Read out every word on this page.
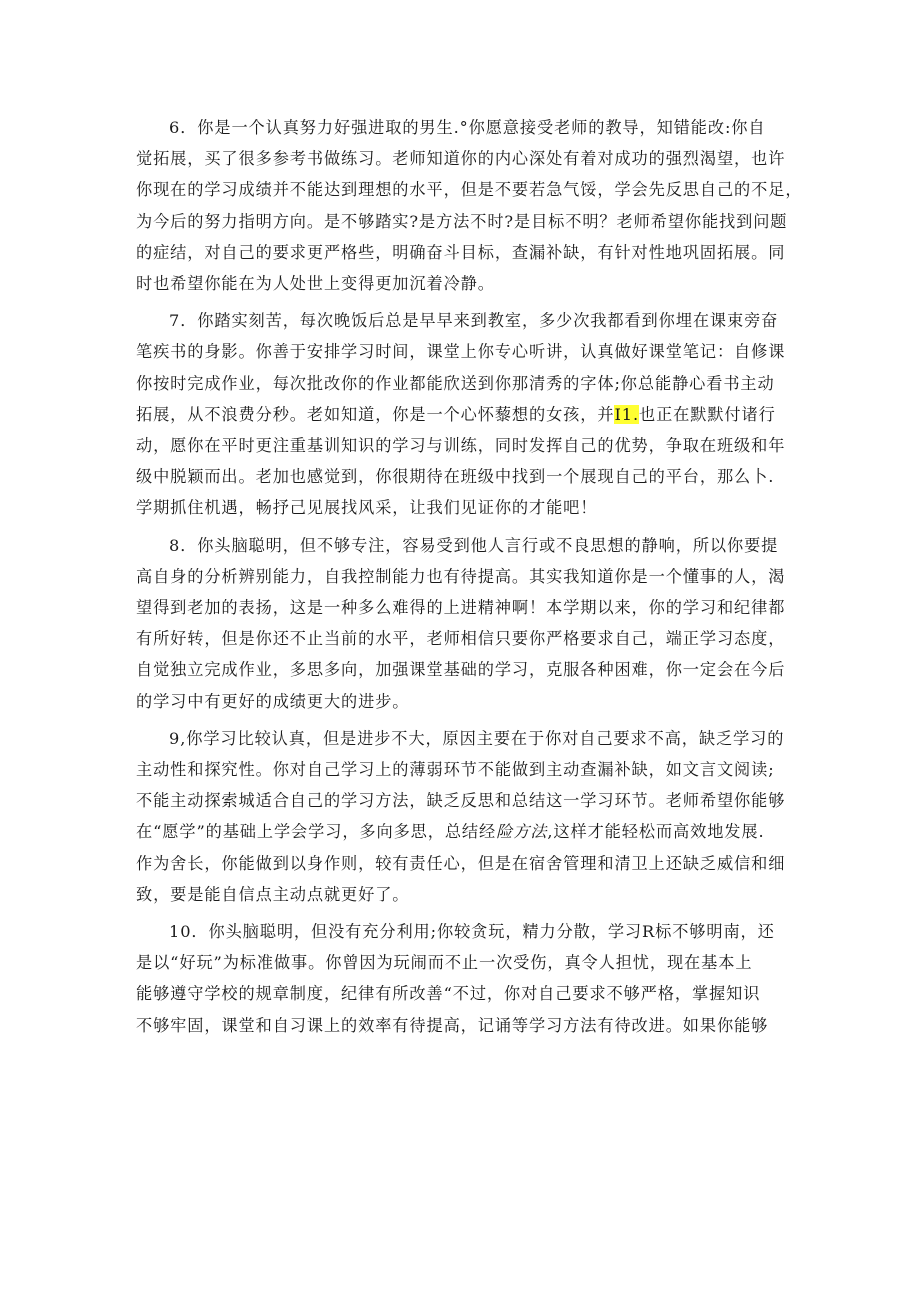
6．你是一个认真努力好强进取的男生.°你愿意接受老师的教导，知错能改:你自
觉拓展，买了很多参考书做练习。老师知道你的内心深处有着对成功的强烈渴望，也许
你现在的学习成绩并不能达到理想的水平，但是不要若急气馁，学会先反思自己的不足，
为今后的努力指明方向。是不够踏实?是方法不时?是目标不明？老师希望你能找到问题
的症结，对自己的要求更严格些，明确奋斗目标，查漏补缺，有针对性地巩固拓展。同
时也希望你能在为人处世上变得更加沉着冷静。

7．你踏实刻苦，每次晚饭后总是早早来到教室，多少次我都看到你埋在课束旁奋
笔疾书的身影。你善于安排学习时间，课堂上你专心听讲，认真做好课堂笔记：自修课
你按时完成作业，每次批改你的作业都能欣送到你那清秀的字体;你总能静心看书主动
拓展，从不浪费分秒。老如知道，你是一个心怀藜想的女孩，并I1.也正在默默付诸行
动，愿你在平时更注重基训知识的学习与训练，同时发挥自己的优势，争取在班级和年
级中脱颖而出。老加也感觉到，你很期待在班级中找到一个展现自己的平台，那么卜.
学期抓住机遇，畅抒己见展找风采，让我们见证你的才能吧！

8．你头脑聪明，但不够专注，容易受到他人言行或不良思想的静响，所以你要提
高自身的分析辨别能力，自我控制能力也有待提高。其实我知道你是一个懂事的人，渴
望得到老加的表扬，这是一种多么难得的上进精神啊！本学期以来，你的学习和纪律都
有所好转，但是你还不止当前的水平，老师相信只要你严格要求自己，端正学习态度，
自觉独立完成作业，多思多向，加强课堂基础的学习，克服各种困难，你一定会在今后
的学习中有更好的成绩更大的进步。

9,你学习比较认真，但是进步不大，原因主要在于你对自己要求不高，缺乏学习的
主动性和探究性。你对自己学习上的薄弱环节不能做到主动查漏补缺，如文言文阅读;
不能主动探索城适合自己的学习方法，缺乏反思和总结这一学习环节。老师希望你能够
在“愿学”的基础上学会学习，多向多思，总结经险方法,这样才能轻松而高效地发展.
作为舍长，你能做到以身作则，较有责任心，但是在宿舍管理和清卫上还缺乏威信和细
致，要是能自信点主动点就更好了。

10．你头脑聪明，但没有充分利用;你较贪玩，精力分散，学习R标不够明南，还
是以“好玩”为标准做事。你曾因为玩闹而不止一次受伤，真令人担忧，现在基本上
能够遵守学校的规章制度，纪律有所改善“不过，你对自己要求不够严格，掌握知识
不够牢固，课堂和自习课上的效率有待提高，记诵等学习方法有待改进。如果你能够
